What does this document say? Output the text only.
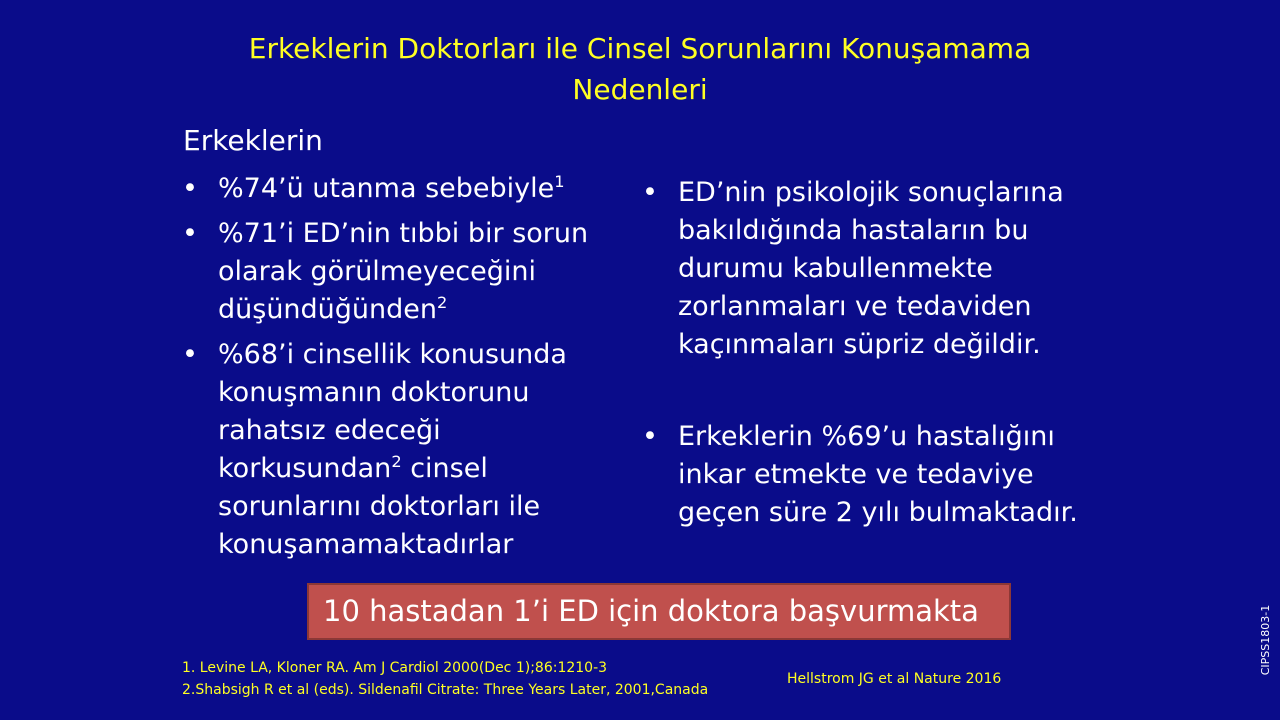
Erkeklerin Doktorları ile Cinsel Sorunlarını Konuşamama
Nedenleri
Erkeklerin
• %74’ü utanma sebebiyle$^1$
• %71’i ED’nin tıbbi bir sorun olarak görülmeyeceğini düşündüğünden$^2$
• %68’i cinsellik konusunda konuşmanın doktorunu rahatsız edeceği korkusundan$^2$ cinsel sorunlarını doktorları ile konuşamamaktadırlar
• ED’nin psikolojik sonuçlarına bakıldığında hastaların bu durumu kabullenmekte zorlanmaları ve tedaviden kaçınmaları süpriz değildir.
• Erkeklerin %69’u hastalığını inkar etmekte ve tedaviye geçen süre 2 yılı bulmaktadır.
10 hastadan 1’i ED için doktora başvurmakta
1. Levine LA, Kloner RA. Am J Cardiol 2000(Dec 1);86:1210-3
2.Shabsigh R et al (eds). Sildenafil Citrate: Three Years Later, 2001,Canada
Hellstrom JG et al Nature 2016
CIPSS1803-1
